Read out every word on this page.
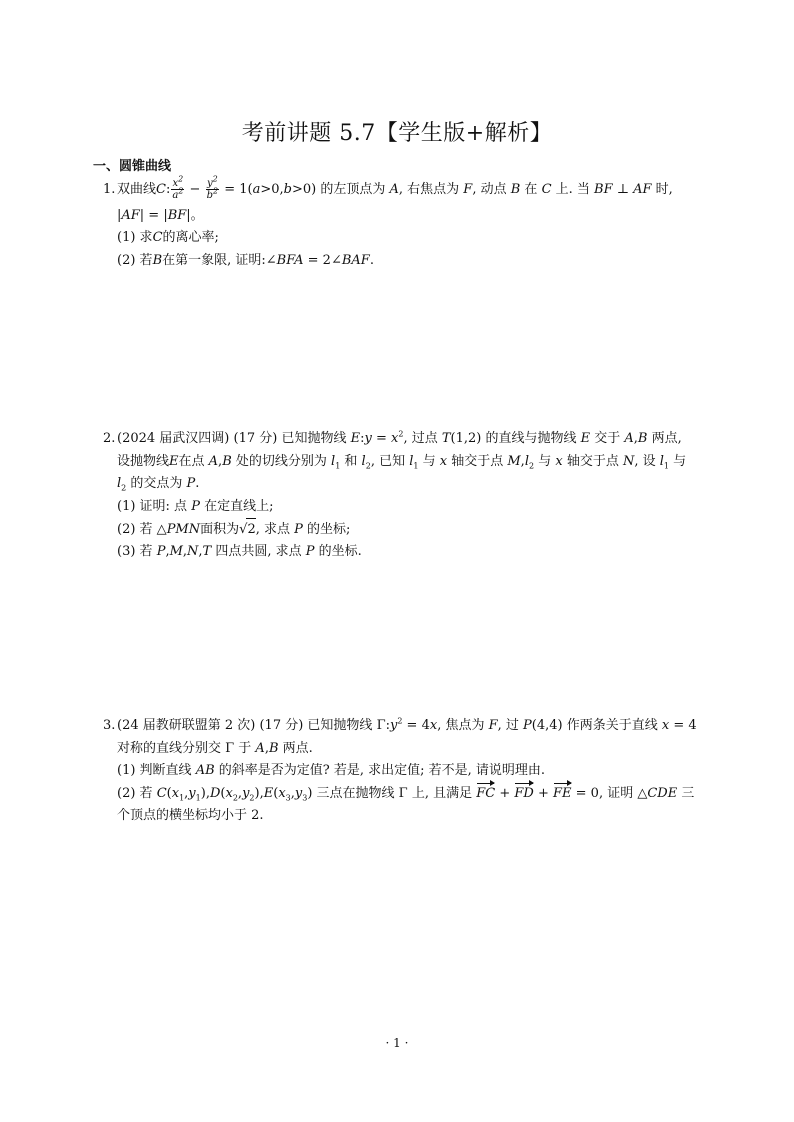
考前讲题 5.7【学生版+解析】
一、圆锥曲线
1. 双曲线C: $\frac{x^2}{a^2} - \frac{y^2}{b^2} = 1(a>0,b>0)$ 的左顶点为 A, 右焦点为 F, 动点 B 在 C 上. 当 BF ⊥ AF 时,
|AF| = |BF|。
(1) 求C的离心率;
(2) 若B在第一象限, 证明:∠BFA = 2∠BAF.
2. (2024 届武汉四调) (17 分) 已知抛物线 E:y = $x^2$, 过点 T(1,2) 的直线与抛物线 E 交于 A,B 两点,
设抛物线E在点 A,B 处的切线分别为 $l_1$ 和 $l_2$, 已知 $l_1$ 与 x 轴交于点 $M,l_2$ 与 x 轴交于点 N, 设 $l_1$ 与
$l_2$ 的交点为 P.
(1) 证明: 点 P 在定直线上;
(2) 若 △PMN面积为√2, 求点 P 的坐标;
(3) 若 P,M,N,T 四点共圆, 求点 P 的坐标.
3. (24 届教研联盟第 2 次) (17 分) 已知抛物线 $\Gamma:y^2 = 4x$, 焦点为 F, 过 P(4,4) 作两条关于直线 x = 4
对称的直线分别交 Γ 于 A,B 两点.
(1) 判断直线 AB 的斜率是否为定值? 若是, 求出定值; 若不是, 请说明理由.
(2) 若 $C(x_1,y_1),D(x_2,y_2),E(x_3,y_3)$ 三点在抛物线 Γ 上, 且满足 FC + FD + FE = 0, 证明 △CDE 三
个顶点的横坐标均小于 2.
· 1 ·
